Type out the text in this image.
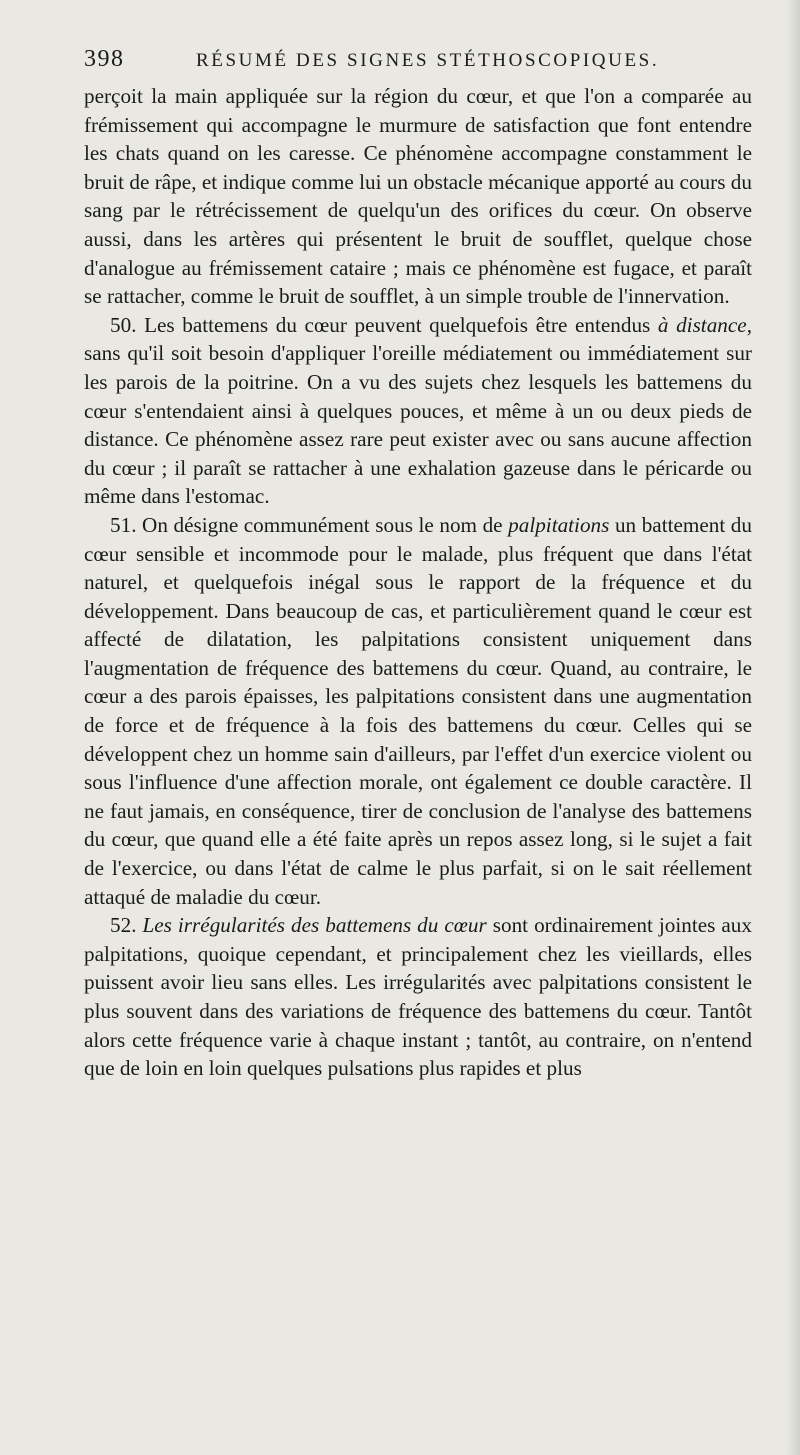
398	RÉSUMÉ DES SIGNES STÉTHOSCOPIQUES.

perçoit la main appliquée sur la région du cœur, et que l'on a comparée au frémissement qui accompagne le murmure de satisfaction que font entendre les chats quand on les caresse. Ce phénomène accompagne constamment le bruit de râpe, et indique comme lui un obstacle mécanique apporté au cours du sang par le rétrécissement de quelqu'un des orifices du cœur. On observe aussi, dans les artères qui présentent le bruit de soufflet, quelque chose d'analogue au frémissement cataire ; mais ce phénomène est fugace, et paraît se rattacher, comme le bruit de soufflet, à un simple trouble de l'innervation.

50. Les battemens du cœur peuvent quelquefois être entendus à distance, sans qu'il soit besoin d'appliquer l'oreille médiatement ou immédiatement sur les parois de la poitrine. On a vu des sujets chez lesquels les battemens du cœur s'entendaient ainsi à quelques pouces, et même à un ou deux pieds de distance. Ce phénomène assez rare peut exister avec ou sans aucune affection du cœur ; il paraît se rattacher à une exhalation gazeuse dans le péricarde ou même dans l'estomac.

51. On désigne communément sous le nom de palpitations un battement du cœur sensible et incommode pour le malade, plus fréquent que dans l'état naturel, et quelquefois inégal sous le rapport de la fréquence et du développement. Dans beaucoup de cas, et particulièrement quand le cœur est affecté de dilatation, les palpitations consistent uniquement dans l'augmentation de fréquence des battemens du cœur. Quand, au contraire, le cœur a des parois épaisses, les palpitations consistent dans une augmentation de force et de fréquence à la fois des battemens du cœur. Celles qui se développent chez un homme sain d'ailleurs, par l'effet d'un exercice violent ou sous l'influence d'une affection morale, ont également ce double caractère. Il ne faut jamais, en conséquence, tirer de conclusion de l'analyse des battemens du cœur, que quand elle a été faite après un repos assez long, si le sujet a fait de l'exercice, ou dans l'état de calme le plus parfait, si on le sait réellement attaqué de maladie du cœur.

52. Les irrégularités des battemens du cœur sont ordinairement jointes aux palpitations, quoique cependant, et principalement chez les vieillards, elles puissent avoir lieu sans elles. Les irrégularités avec palpitations consistent le plus souvent dans des variations de fréquence des battemens du cœur. Tantôt alors cette fréquence varie à chaque instant ; tantôt, au contraire, on n'entend que de loin en loin quelques pulsations plus rapides et plus
